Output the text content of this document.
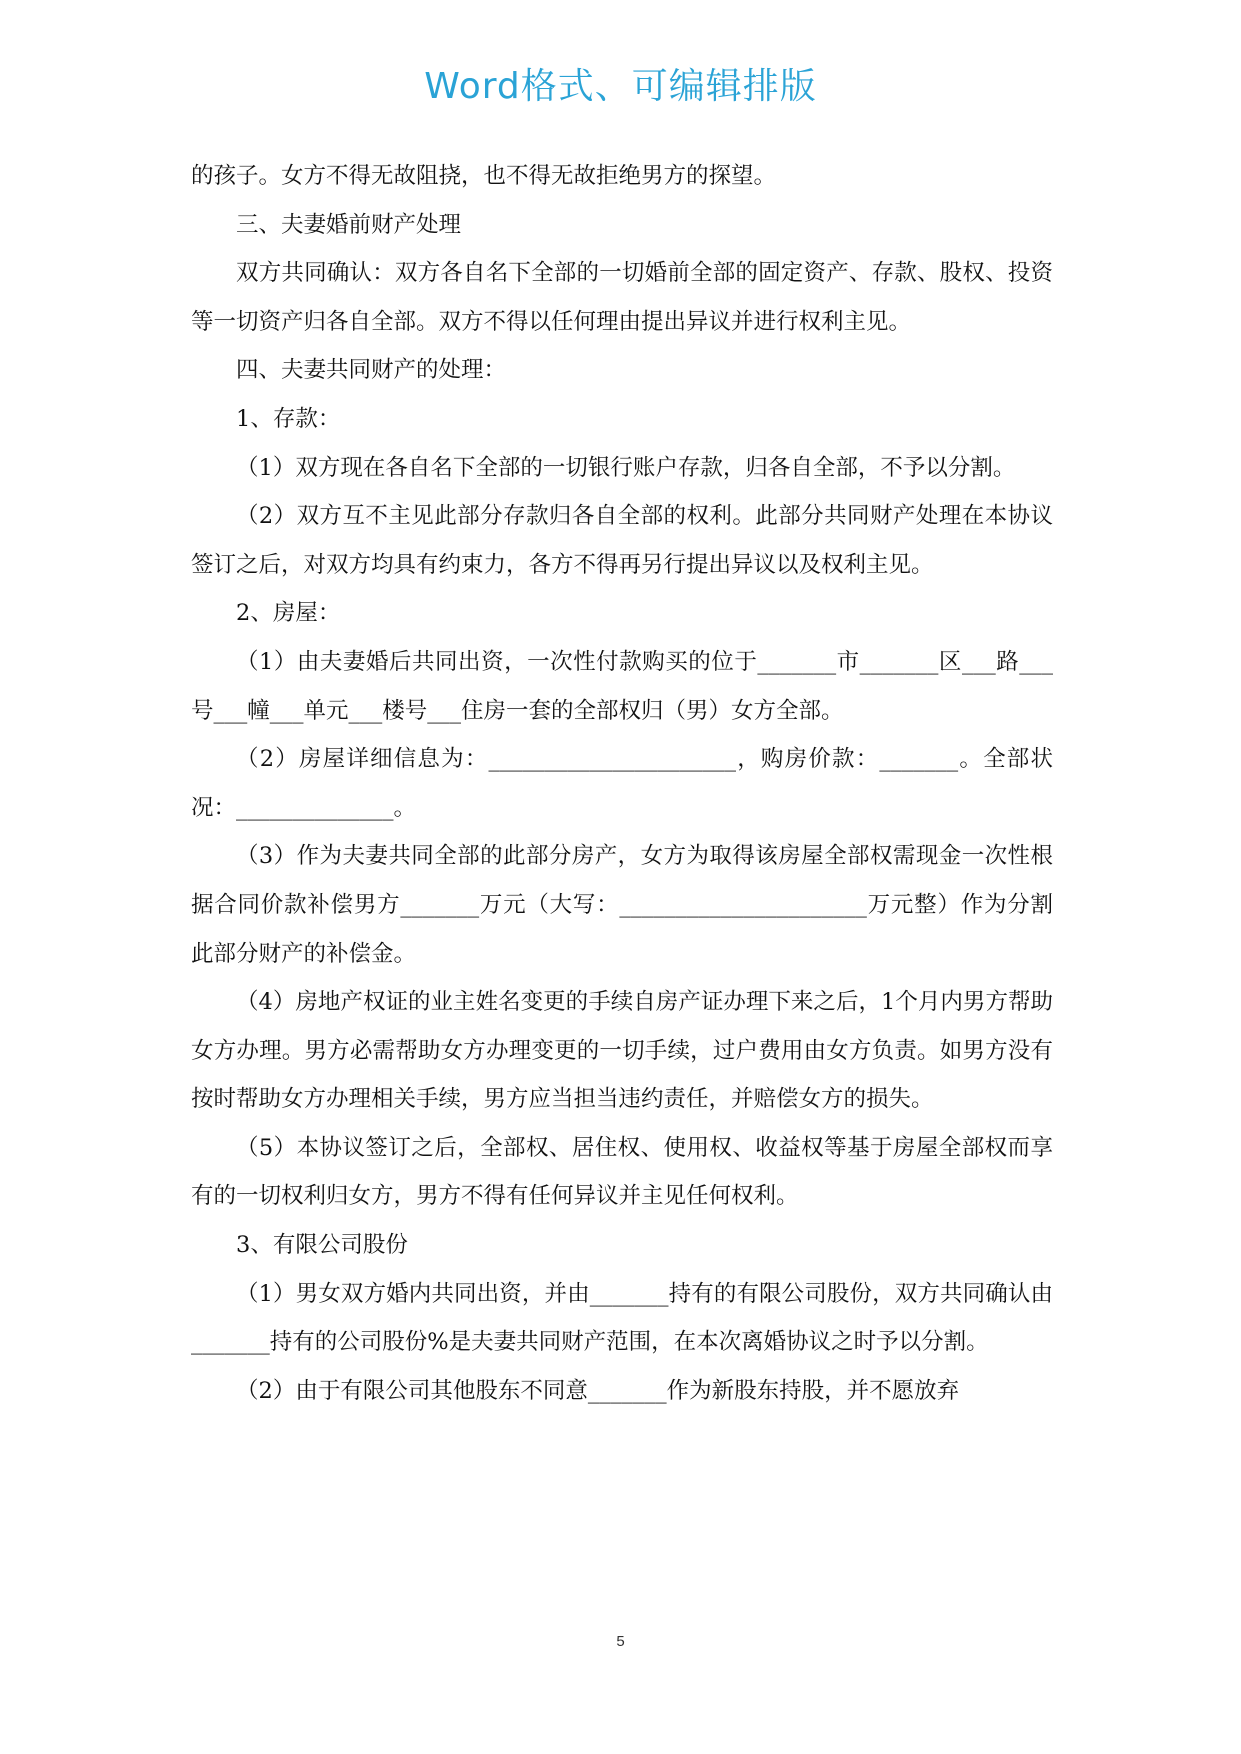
Word格式、可编辑排版

的孩子。女方不得无故阻挠，也不得无故拒绝男方的探望。

三、夫妻婚前财产处理

双方共同确认：双方各自名下全部的一切婚前全部的固定资产、存款、股权、投资等一切资产归各自全部。双方不得以任何理由提出异议并进行权利主见。

四、夫妻共同财产的处理：

1、存款：

（1）双方现在各自名下全部的一切银行账户存款，归各自全部，不予以分割。

（2）双方互不主见此部分存款归各自全部的权利。此部分共同财产处理在本协议签订之后，对双方均具有约束力，各方不得再另行提出异议以及权利主见。

2、房屋：

（1）由夫妻婚后共同出资，一次性付款购买的位于_______市_______区___路___号___幢___单元___楼号___住房一套的全部权归（男）女方全部。

（2）房屋详细信息为：______________________，购房价款：_______。全部状况：______________。

（3）作为夫妻共同全部的此部分房产，女方为取得该房屋全部权需现金一次性根据合同价款补偿男方_______万元（大写：______________________万元整）作为分割此部分财产的补偿金。

（4）房地产权证的业主姓名变更的手续自房产证办理下来之后，1个月内男方帮助女方办理。男方必需帮助女方办理变更的一切手续，过户费用由女方负责。如男方没有按时帮助女方办理相关手续，男方应当担当违约责任，并赔偿女方的损失。

（5）本协议签订之后，全部权、居住权、使用权、收益权等基于房屋全部权而享有的一切权利归女方，男方不得有任何异议并主见任何权利。

3、有限公司股份

（1）男女双方婚内共同出资，并由_______持有的有限公司股份，双方共同确认由_______持有的公司股份%是夫妻共同财产范围，在本次离婚协议之时予以分割。

（2）由于有限公司其他股东不同意_______作为新股东持股，并不愿放弃

5
